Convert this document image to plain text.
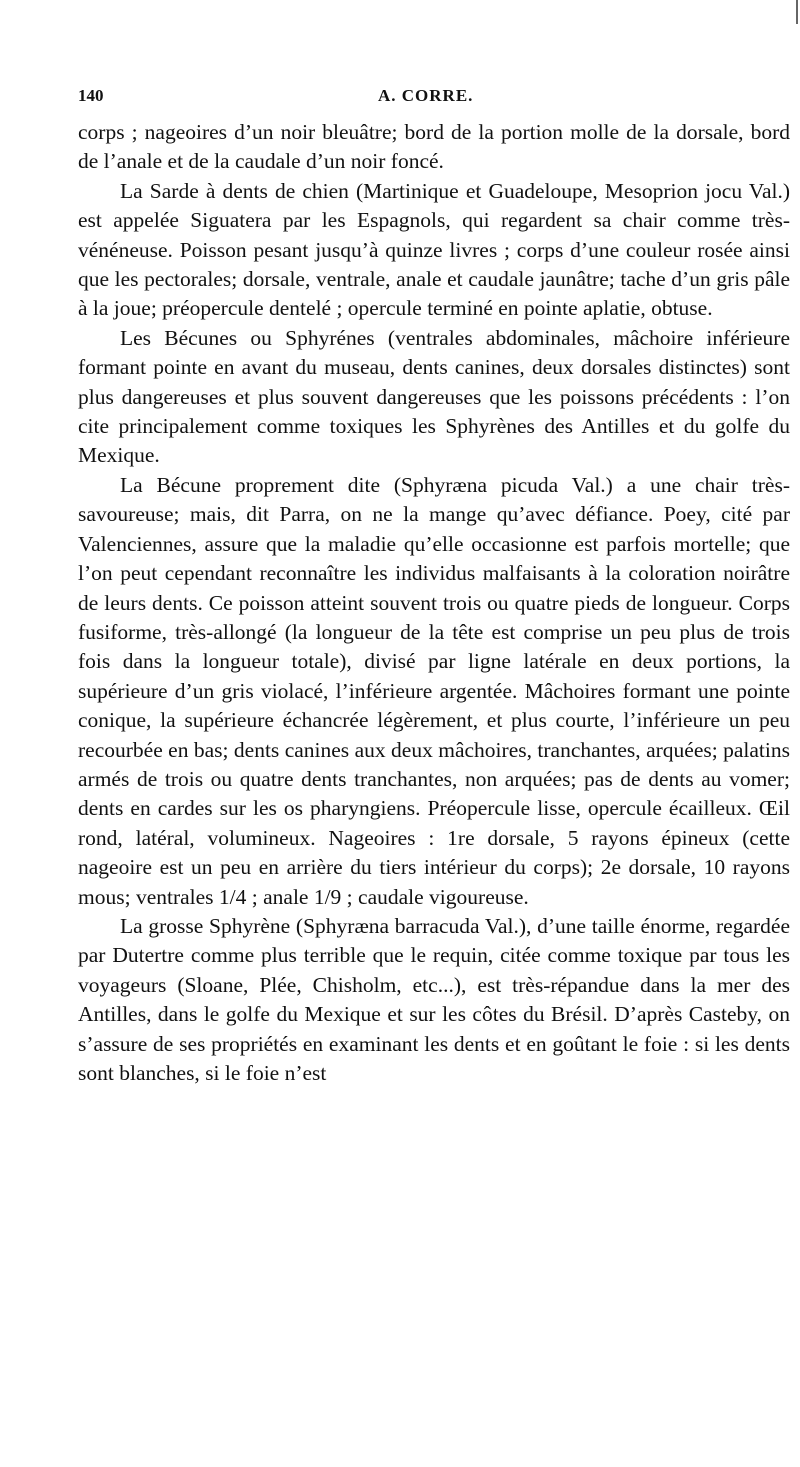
140	A. CORRE.

corps ; nageoires d’un noir bleuâtre; bord de la portion molle de la dorsale, bord de l’anale et de la caudale d’un noir foncé.

La Sarde à dents de chien (Martinique et Guadeloupe, Mesoprion jocu Val.) est appelée Siguatera par les Espagnols, qui regardent sa chair comme très-vénéneuse. Poisson pesant jusqu’à quinze livres ; corps d’une couleur rosée ainsi que les pectorales; dorsale, ventrale, anale et caudale jaunâtre; tache d’un gris pâle à la joue; préopercule dentelé ; opercule terminé en pointe aplatie, obtuse.

Les Bécunes ou Sphyrénes (ventrales abdominales, mâchoire inférieure formant pointe en avant du museau, dents canines, deux dorsales distinctes) sont plus dangereuses et plus souvent dangereuses que les poissons précédents : l’on cite principalement comme toxiques les Sphyrènes des Antilles et du golfe du Mexique.

La Bécune proprement dite (Sphyræna picuda Val.) a une chair très-savoureuse; mais, dit Parra, on ne la mange qu’avec défiance. Poey, cité par Valenciennes, assure que la maladie qu’elle occasionne est parfois mortelle; que l’on peut cependant reconnaître les individus malfaisants à la coloration noirâtre de leurs dents. Ce poisson atteint souvent trois ou quatre pieds de longueur. Corps fusiforme, très-allongé (la longueur de la tête est comprise un peu plus de trois fois dans la longueur totale), divisé par ligne latérale en deux portions, la supérieure d’un gris violacé, l’inférieure argentée. Mâchoires formant une pointe conique, la supérieure échancrée légèrement, et plus courte, l’inférieure un peu recourbée en bas; dents canines aux deux mâchoires, tranchantes, arquées; palatins armés de trois ou quatre dents tranchantes, non arquées; pas de dents au vomer; dents en cardes sur les os pharyngiens. Préopercule lisse, opercule écailleux. Œil rond, latéral, volumineux. Nageoires : 1re dorsale, 5 rayons épineux (cette nageoire est un peu en arrière du tiers intérieur du corps); 2e dorsale, 10 rayons mous; ventrales 1/4 ; anale 1/9 ; caudale vigoureuse.

La grosse Sphyrène (Sphyræna barracuda Val.), d’une taille énorme, regardée par Dutertre comme plus terrible que le requin, citée comme toxique par tous les voyageurs (Sloane, Plée, Chisholm, etc...), est très-répandue dans la mer des Antilles, dans le golfe du Mexique et sur les côtes du Brésil. D’après Casteby, on s’assure de ses propriétés en examinant les dents et en goûtant le foie : si les dents sont blanches, si le foie n’est
